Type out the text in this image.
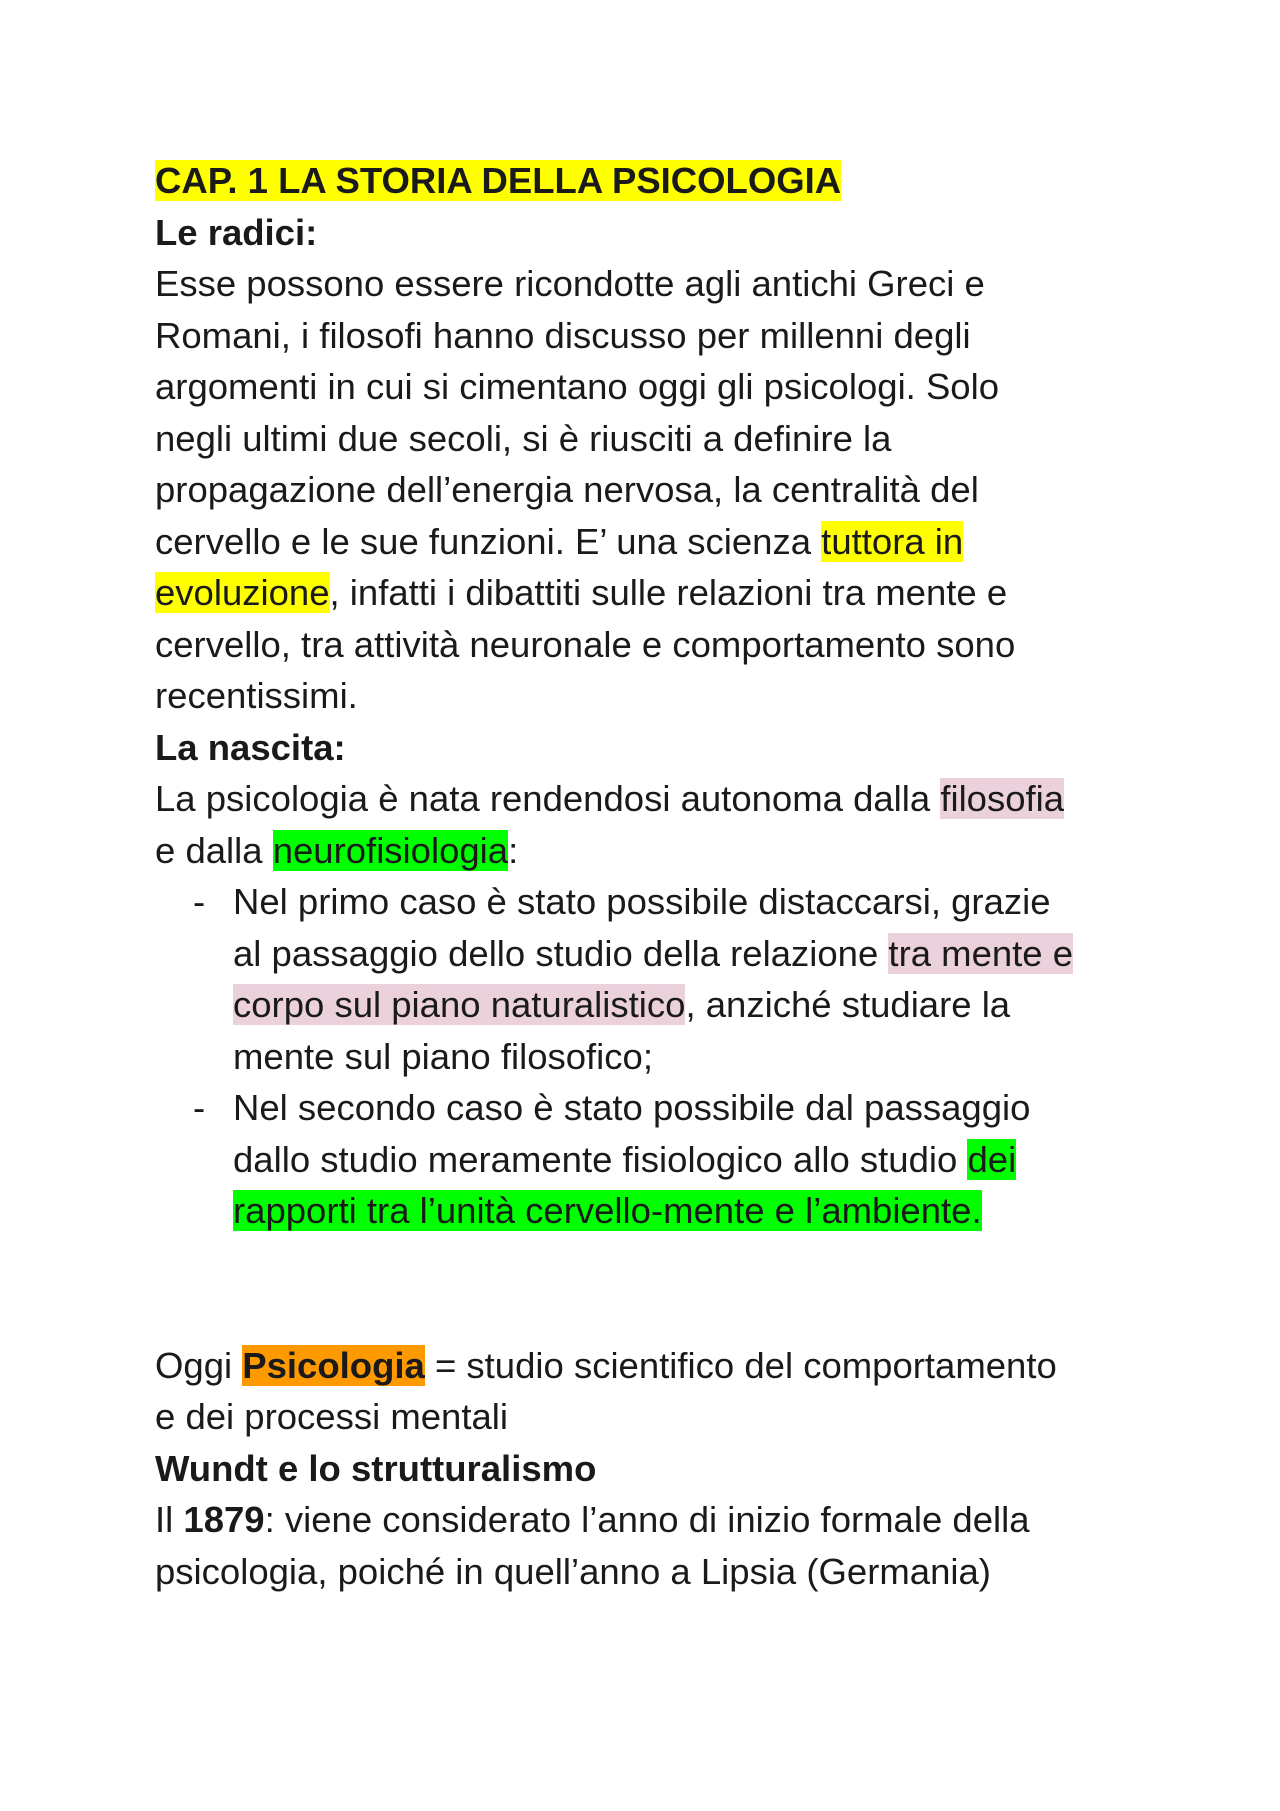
CAP. 1 LA STORIA DELLA PSICOLOGIA
Le radici:
Esse possono essere ricondotte agli antichi Greci e
Romani, i filosofi hanno discusso per millenni degli
argomenti in cui si cimentano oggi gli psicologi. Solo
negli ultimi due secoli, si è riusciti a definire la
propagazione dell’energia nervosa, la centralità del
cervello e le sue funzioni. E’ una scienza tuttora in
evoluzione, infatti i dibattiti sulle relazioni tra mente e
cervello, tra attività neuronale e comportamento sono
recentissimi.
La nascita:
La psicologia è nata rendendosi autonoma dalla filosofia
e dalla neurofisiologia:
- Nel primo caso è stato possibile distaccarsi, grazie
al passaggio dello studio della relazione tra mente e
corpo sul piano naturalistico, anziché studiare la
mente sul piano filosofico;
- Nel secondo caso è stato possibile dal passaggio
dallo studio meramente fisiologico allo studio dei
rapporti tra l’unità cervello-mente e l’ambiente.
Oggi Psicologia = studio scientifico del comportamento
e dei processi mentali
Wundt e lo strutturalismo
Il 1879: viene considerato l’anno di inizio formale della
psicologia, poiché in quell’anno a Lipsia (Germania)
